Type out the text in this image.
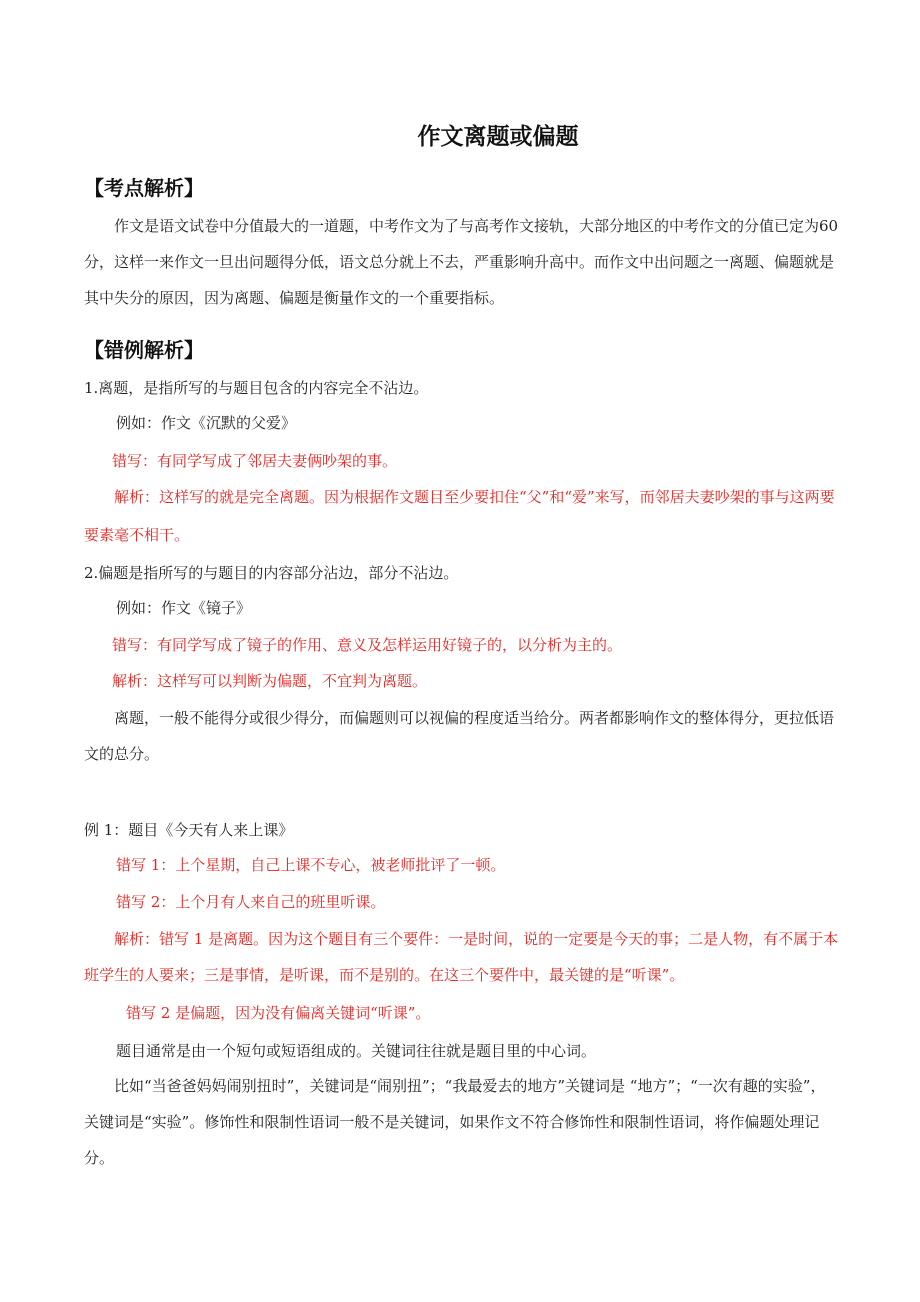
作文离题或偏题
【考点解析】
作文是语文试卷中分值最大的一道题，中考作文为了与高考作文接轨，大部分地区的中考作文的分值已定为60分，这样一来作文一旦出问题得分低，语文总分就上不去，严重影响升高中。而作文中出问题之一离题、偏题就是其中失分的原因，因为离题、偏题是衡量作文的一个重要指标。
【错例解析】
1.离题，是指所写的与题目包含的内容完全不沾边。
例如：作文《沉默的父爱》
错写：有同学写成了邻居夫妻俩吵架的事。
解析：这样写的就是完全离题。因为根据作文题目至少要扣住“父”和“爱”来写，而邻居夫妻吵架的事与这两要要素毫不相干。
2.偏题是指所写的与题目的内容部分沾边，部分不沾边。
例如：作文《镜子》
错写：有同学写成了镜子的作用、意义及怎样运用好镜子的，以分析为主的。
解析：这样写可以判断为偏题，不宜判为离题。
离题，一般不能得分或很少得分，而偏题则可以视偏的程度适当给分。两者都影响作文的整体得分，更拉低语文的总分。
例 1：题目《今天有人来上课》
错写 1：上个星期，自己上课不专心，被老师批评了一顿。
错写 2：上个月有人来自己的班里听课。
解析：错写 1 是离题。因为这个题目有三个要件：一是时间，说的一定要是今天的事；二是人物，有不属于本班学生的人要来；三是事情，是听课，而不是别的。在这三个要件中，最关键的是“听课”。
错写 2 是偏题，因为没有偏离关键词“听课”。
题目通常是由一个短句或短语组成的。关键词往往就是题目里的中心词。
比如“当爸爸妈妈闹别扭时”，关键词是“闹别扭”；“我最爱去的地方”关键词是 “地方”；“一次有趣的实验”，关键词是“实验”。修饰性和限制性语词一般不是关键词，如果作文不符合修饰性和限制性语词，将作偏题处理记分。
